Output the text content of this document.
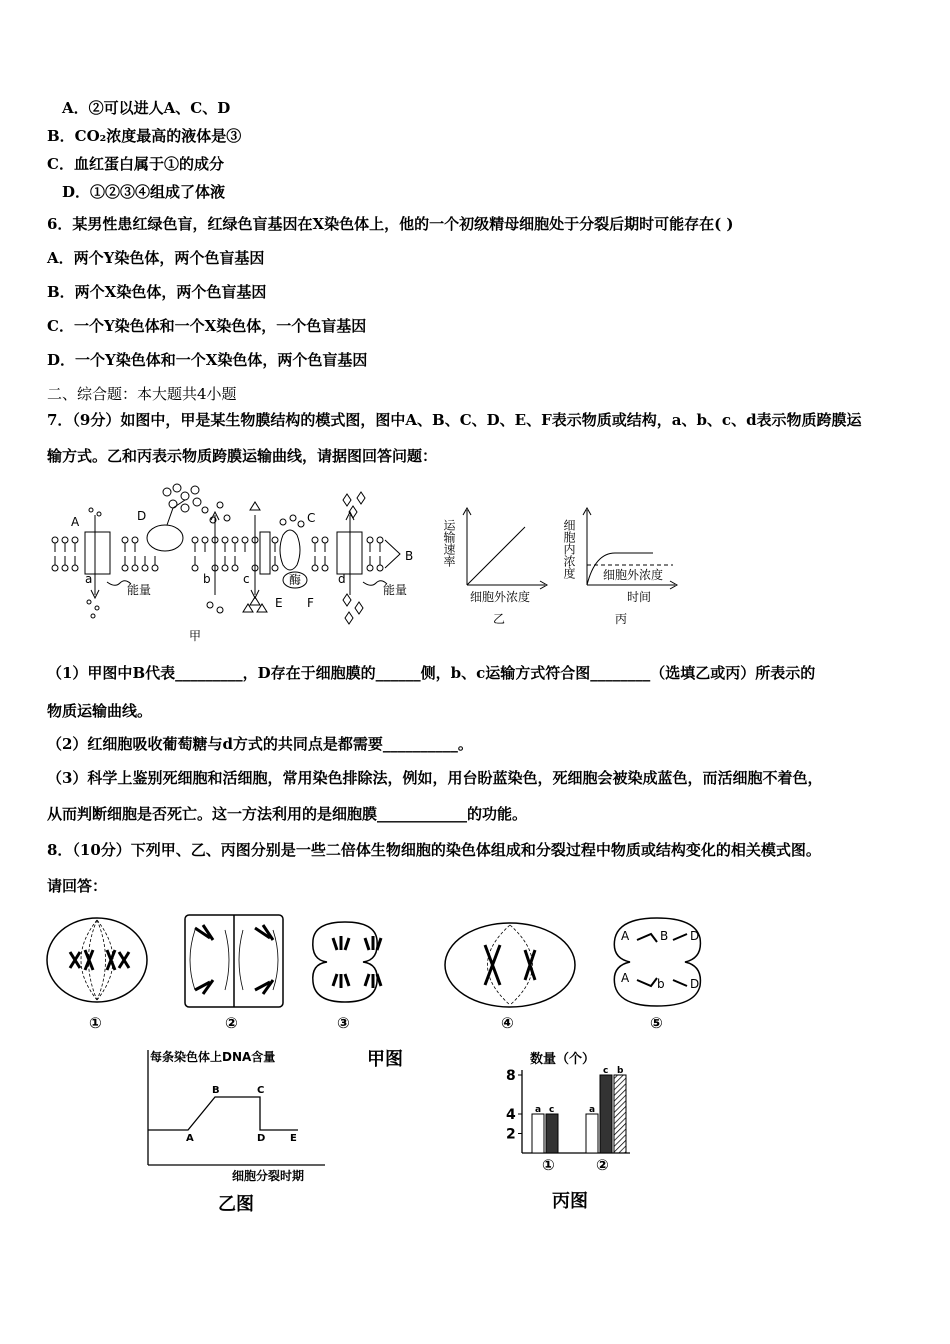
A．②可以进人A、C、D
B．CO₂浓度最高的液体是③
C．血红蛋白属于①的成分
D．①②③④组成了体液
6．某男性患红绿色盲，红绿色盲基因在X染色体上，他的一个初级精母细胞处于分裂后期时可能存在( )
A．两个Y染色体，两个色盲基因
B．两个X染色体，两个色盲基因
C．一个Y染色体和一个X染色体，一个色盲基因
D．一个Y染色体和一个X染色体，两个色盲基因
二、综合题：本大题共4小题
7．（9分）如图中，甲是某生物膜结构的模式图，图中A、B、C、D、E、F表示物质或结构，a、b、c、d表示物质跨膜运
输方式。乙和丙表示物质跨膜运输曲线，请据图回答问题：
A	D	C
B
E F
a	b	c	d
能量	能量
酶
甲
运输速率
细胞外浓度
乙
细胞内浓度 细胞外浓度
时间
丙
（1）甲图中B代表_________，D存在于细胞膜的______侧，b、c运输方式符合图________（选填乙或丙）所表示的
物质运输曲线。
（2）红细胞吸收葡萄糖与d方式的共同点是都需要__________。
（3）科学上鉴别死细胞和活细胞，常用染色排除法，例如，用台盼蓝染色，死细胞会被染成蓝色，而活细胞不着色，
从而判断细胞是否死亡。这一方法利用的是细胞膜____________的功能。
8．（10分）下列甲、乙、丙图分别是一些二倍体生物细胞的染色体组成和分裂过程中物质或结构变化的相关模式图。
请回答：
A	B D
A b D
①	②	③	④	⑤
甲图
每条染色体上DNA含量
A
B	C
D E
细胞分裂时期
乙图
数量（个）
2
4
8
a c	a
c b
①	②
丙图
